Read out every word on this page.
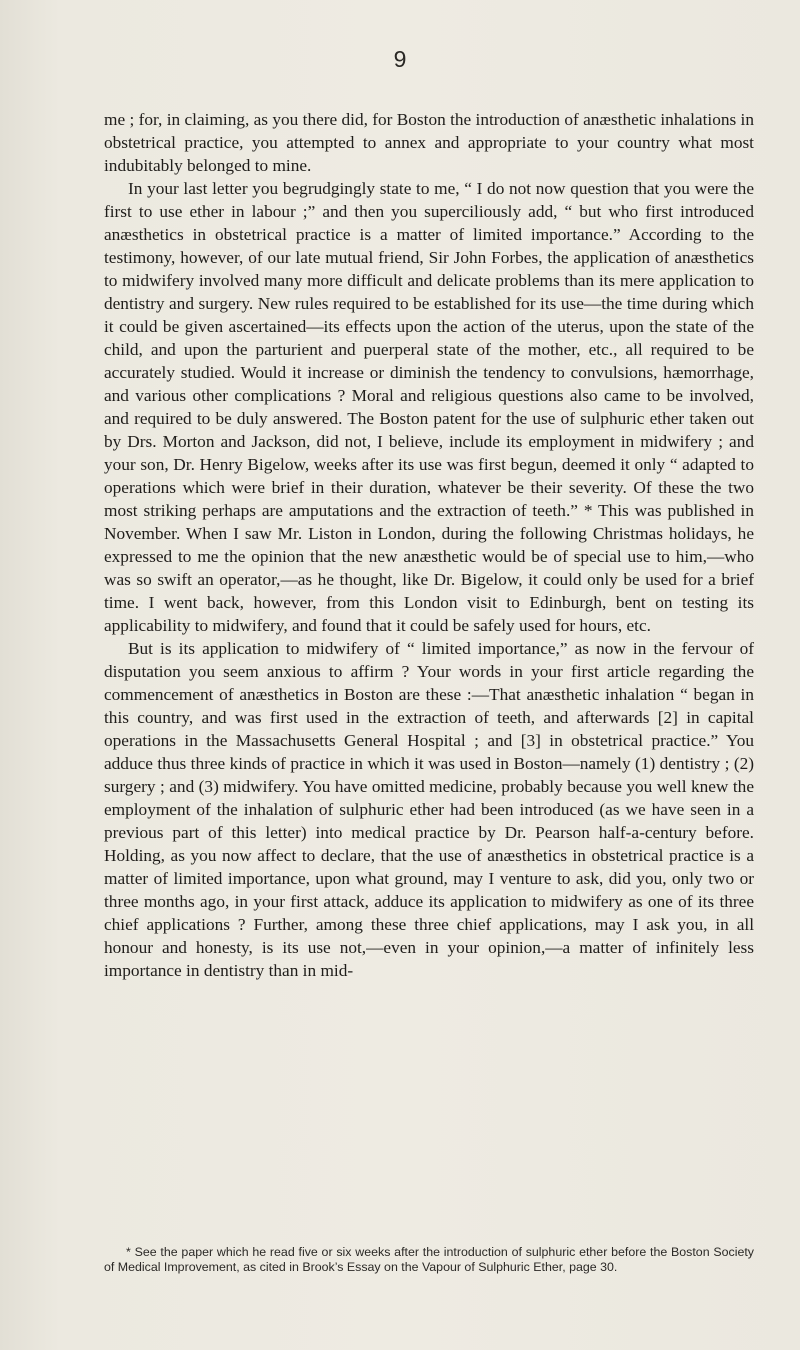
9

me ; for, in claiming, as you there did, for Boston the introduction of anæsthetic inhalations in obstetrical practice, you attempted to annex and appropriate to your country what most indubitably belonged to mine.

In your last letter you begrudgingly state to me, “ I do not now question that you were the first to use ether in labour ;” and then you superciliously add, “ but who first introduced anæsthetics in obstetrical practice is a matter of limited importance.” According to the testimony, however, of our late mutual friend, Sir John Forbes, the application of anæsthetics to midwifery involved many more difficult and delicate problems than its mere application to dentistry and surgery. New rules required to be established for its use—the time during which it could be given ascertained—its effects upon the action of the uterus, upon the state of the child, and upon the parturient and puerperal state of the mother, etc., all required to be accurately studied. Would it increase or diminish the tendency to convulsions, hæmorrhage, and various other complications ? Moral and religious questions also came to be involved, and required to be duly answered. The Boston patent for the use of sulphuric ether taken out by Drs. Morton and Jackson, did not, I believe, include its employment in midwifery ; and your son, Dr. Henry Bigelow, weeks after its use was first begun, deemed it only “ adapted to operations which were brief in their duration, whatever be their severity. Of these the two most striking perhaps are amputations and the extraction of teeth.” * This was published in November. When I saw Mr. Liston in London, during the following Christmas holidays, he expressed to me the opinion that the new anæsthetic would be of special use to him,—who was so swift an operator,—as he thought, like Dr. Bigelow, it could only be used for a brief time. I went back, however, from this London visit to Edinburgh, bent on testing its applicability to midwifery, and found that it could be safely used for hours, etc.

But is its application to midwifery of “ limited importance,” as now in the fervour of disputation you seem anxious to affirm ? Your words in your first article regarding the commencement of anæsthetics in Boston are these :—That anæsthetic inhalation “ began in this country, and was first used in the extraction of teeth, and afterwards [2] in capital operations in the Massachusetts General Hospital ; and [3] in obstetrical practice.” You adduce thus three kinds of practice in which it was used in Boston—namely (1) dentistry ; (2) surgery ; and (3) midwifery. You have omitted medicine, probably because you well knew the employment of the inhalation of sulphuric ether had been introduced (as we have seen in a previous part of this letter) into medical practice by Dr. Pearson half-a-century before. Holding, as you now affect to declare, that the use of anæsthetics in obstetrical practice is a matter of limited importance, upon what ground, may I venture to ask, did you, only two or three months ago, in your first attack, adduce its application to midwifery as one of its three chief applications ? Further, among these three chief applications, may I ask you, in all honour and honesty, is its use not,—even in your opinion,—a matter of infinitely less importance in dentistry than in mid-

* See the paper which he read five or six weeks after the introduction of sulphuric ether before the Boston Society of Medical Improvement, as cited in Brook’s Essay on the Vapour of Sulphuric Ether, page 30.
